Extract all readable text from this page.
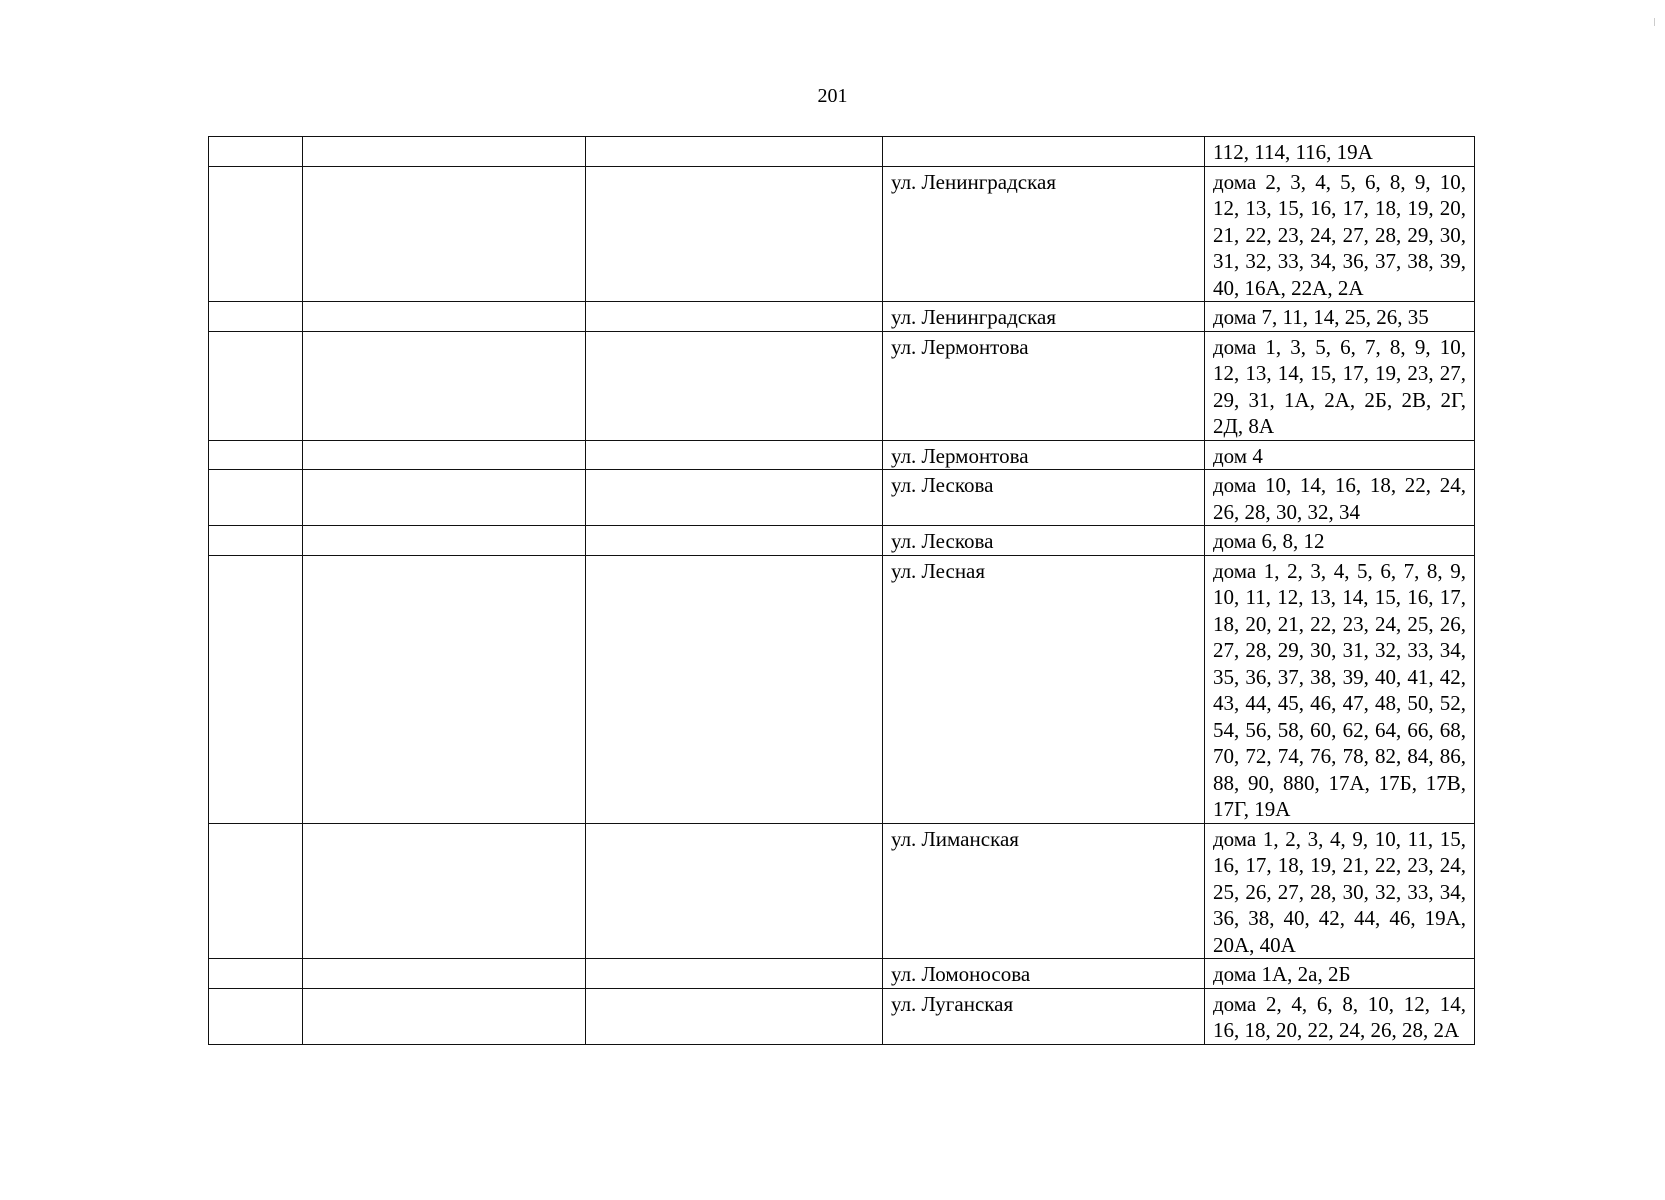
201
				112, 114, 116, 19А
			ул. Ленинградская	дома 2, 3, 4, 5, 6, 8, 9, 10, 12, 13, 15, 16, 17, 18, 19, 20, 21, 22, 23, 24, 27, 28, 29, 30, 31, 32, 33, 34, 36, 37, 38, 39, 40, 16А, 22А, 2А
			ул. Ленинградская	дома 7, 11, 14, 25, 26, 35
			ул. Лермонтова	дома 1, 3, 5, 6, 7, 8, 9, 10, 12, 13, 14, 15, 17, 19, 23, 27, 29, 31, 1А, 2А, 2Б, 2В, 2Г, 2Д, 8А
			ул. Лермонтова	дом 4
			ул. Лескова	дома 10, 14, 16, 18, 22, 24, 26, 28, 30, 32, 34
			ул. Лескова	дома 6, 8, 12
			ул. Лесная	дома 1, 2, 3, 4, 5, 6, 7, 8, 9, 10, 11, 12, 13, 14, 15, 16, 17, 18, 20, 21, 22, 23, 24, 25, 26, 27, 28, 29, 30, 31, 32, 33, 34, 35, 36, 37, 38, 39, 40, 41, 42, 43, 44, 45, 46, 47, 48, 50, 52, 54, 56, 58, 60, 62, 64, 66, 68, 70, 72, 74, 76, 78, 82, 84, 86, 88, 90, 880, 17А, 17Б, 17В, 17Г, 19А
			ул. Лиманская	дома 1, 2, 3, 4, 9, 10, 11, 15, 16, 17, 18, 19, 21, 22, 23, 24, 25, 26, 27, 28, 30, 32, 33, 34, 36, 38, 40, 42, 44, 46, 19А, 20А, 40А
			ул. Ломоносова	дома 1А, 2а, 2Б
			ул. Луганская	дома 2, 4, 6, 8, 10, 12, 14, 16, 18, 20, 22, 24, 26, 28, 2А
